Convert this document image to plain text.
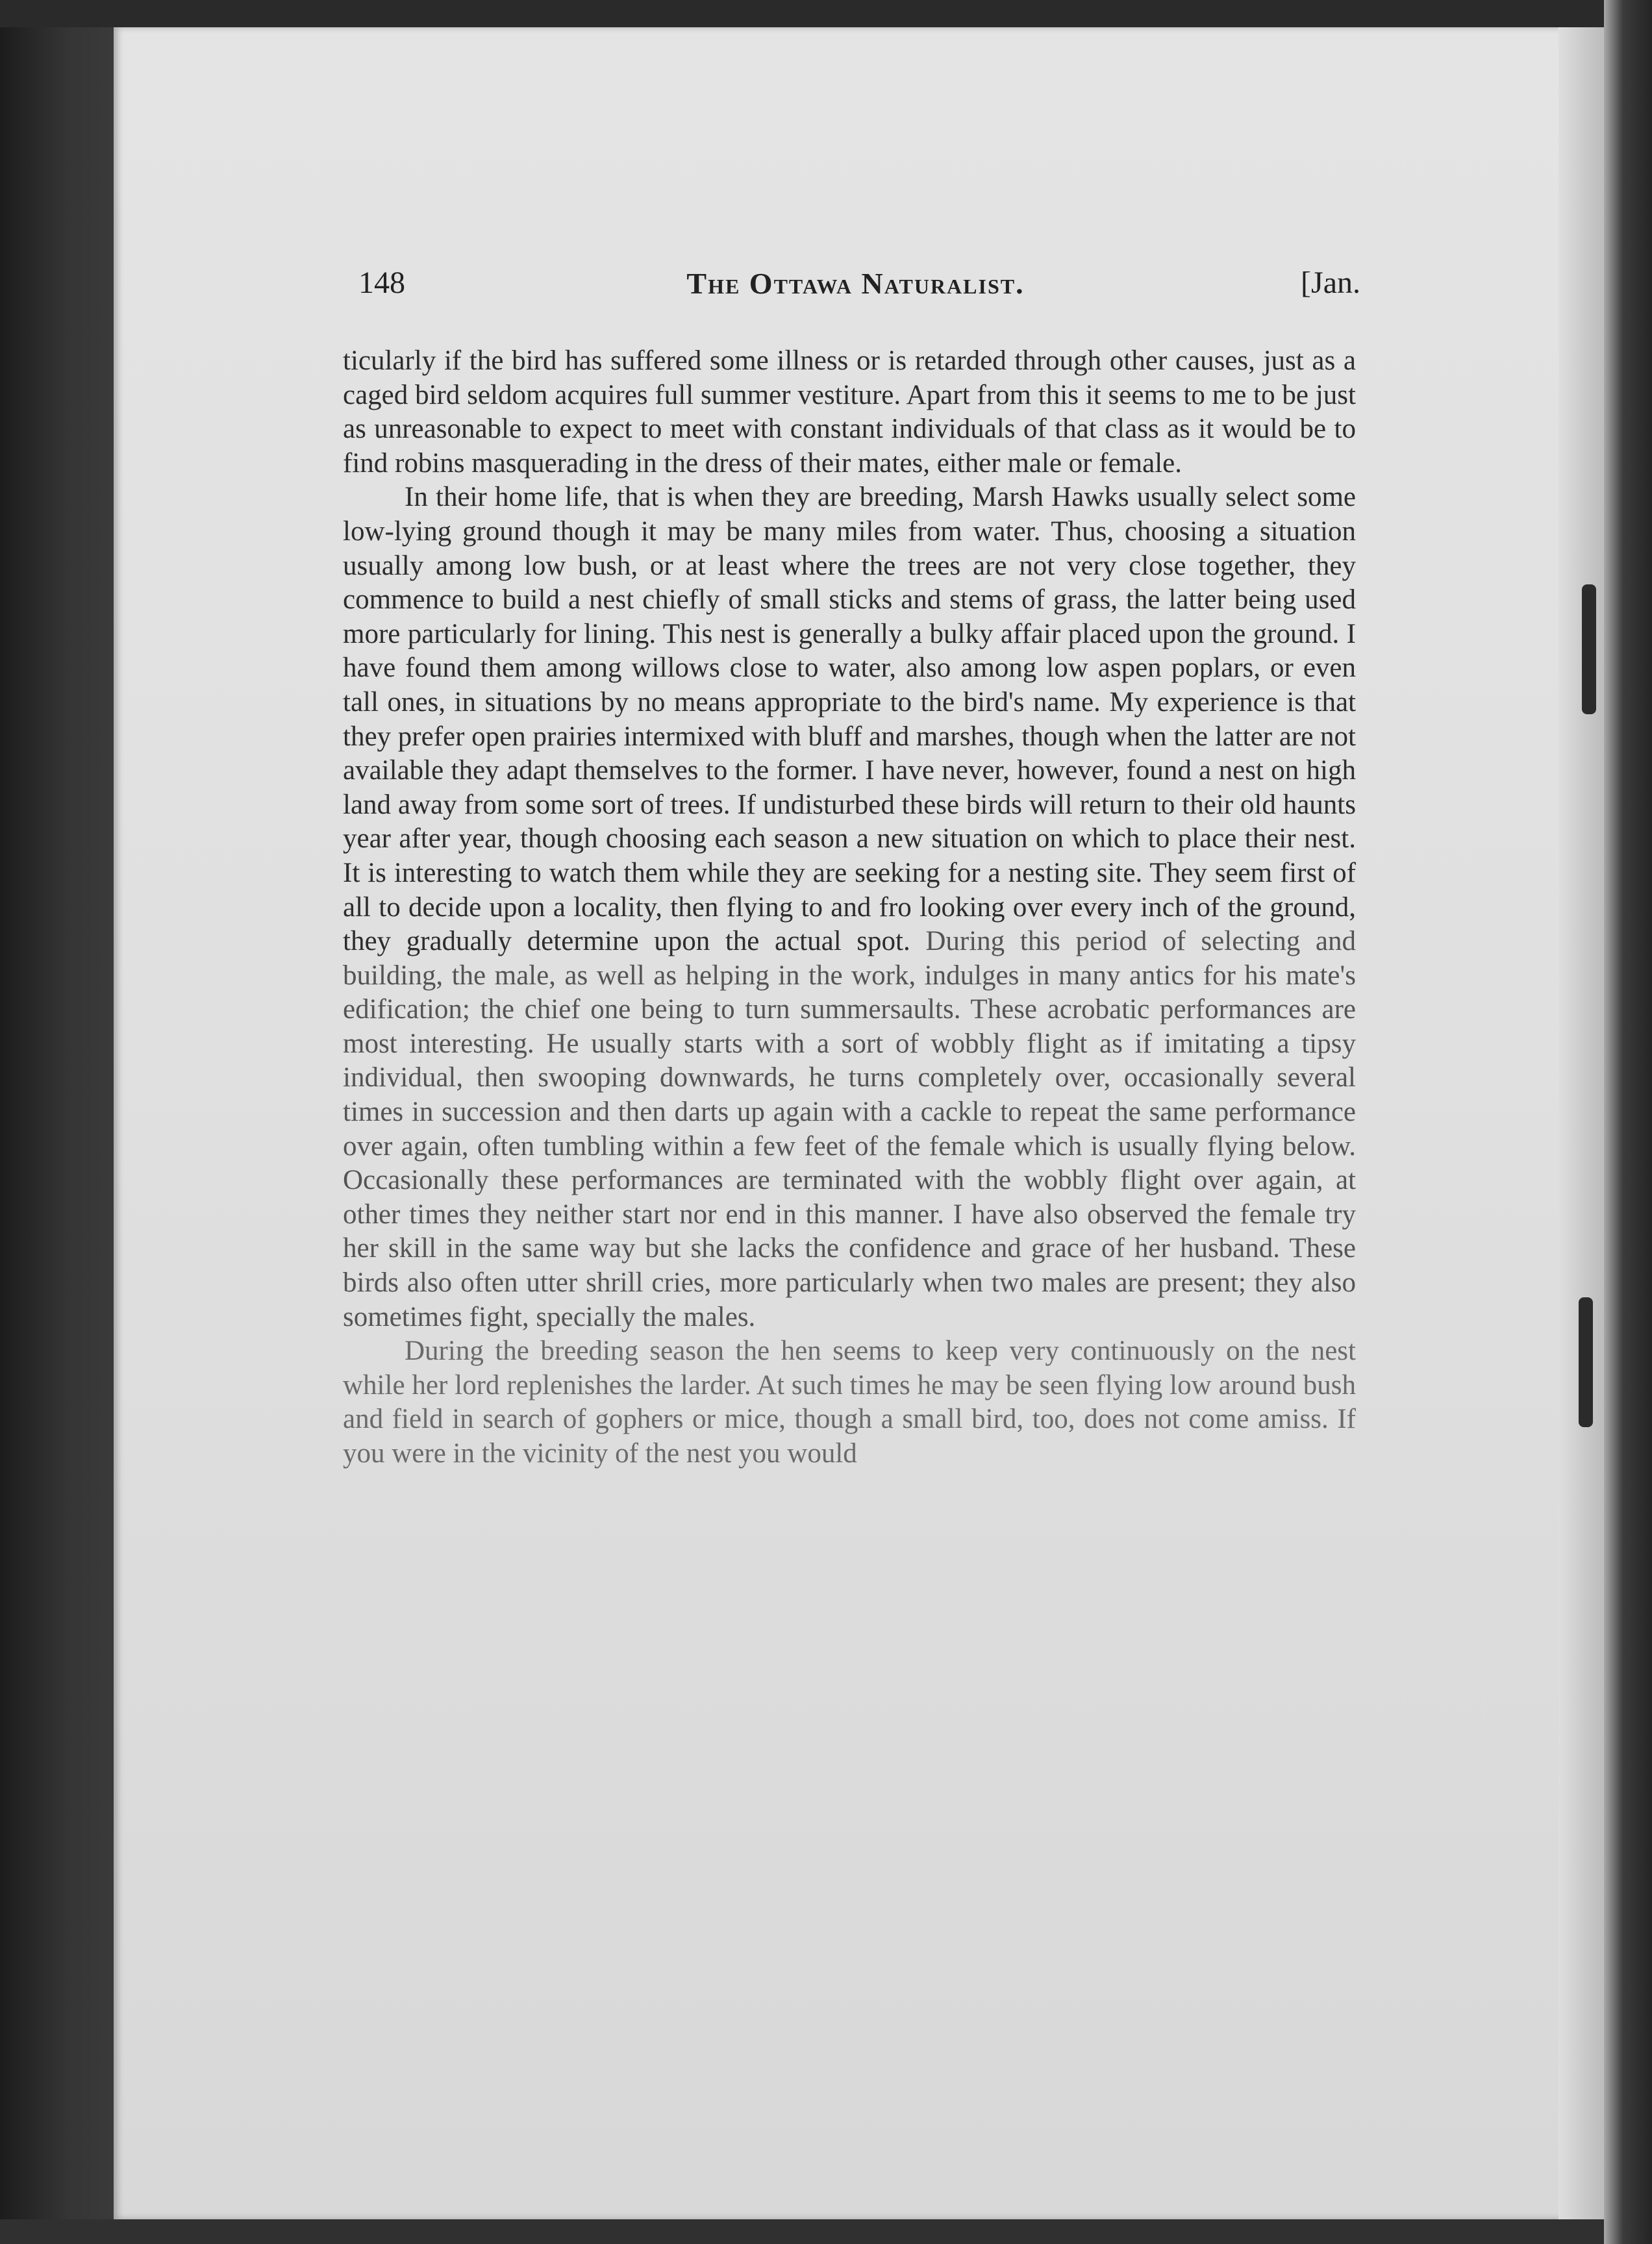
148	The Ottawa Naturalist.	[Jan.

ticularly if the bird has suffered some illness or is retarded through other causes, just as a caged bird seldom acquires full summer vestiture. Apart from this it seems to me to be just as unreasonable to expect to meet with constant individuals of that class as it would be to find robins masquerading in the dress of their mates, either male or female.

In their home life, that is when they are breeding, Marsh Hawks usually select some low-lying ground though it may be many miles from water. Thus, choosing a situation usually among low bush, or at least where the trees are not very close together, they commence to build a nest chiefly of small sticks and stems of grass, the latter being used more particularly for lining. This nest is generally a bulky affair placed upon the ground. I have found them among willows close to water, also among low aspen poplars, or even tall ones, in situations by no means appropriate to the bird's name. My experience is that they prefer open prairies intermixed with bluff and marshes, though when the latter are not available they adapt themselves to the former. I have never, however, found a nest on high land away from some sort of trees. If undisturbed these birds will return to their old haunts year after year, though choosing each season a new situation on which to place their nest. It is interesting to watch them while they are seeking for a nesting site. They seem first of all to decide upon a locality, then flying to and fro looking over every inch of the ground, they gradually determine upon the actual spot. During this period of selecting and building, the male, as well as helping in the work, indulges in many antics for his mate's edification; the chief one being to turn summersaults. These acrobatic performances are most interesting. He usually starts with a sort of wobbly flight as if imitating a tipsy individual, then swooping downwards, he turns completely over, occasionally several times in succession and then darts up again with a cackle to repeat the same performance over again, often tumbling within a few feet of the female which is usually flying below. Occasionally these performances are terminated with the wobbly flight over again, at other times they neither start nor end in this manner. I have also observed the female try her skill in the same way but she lacks the confidence and grace of her husband. These birds also often utter shrill cries, more particularly when two males are present; they also sometimes fight, specially the males.

During the breeding season the hen seems to keep very continuously on the nest while her lord replenishes the larder. At such times he may be seen flying low around bush and field in search of gophers or mice, though a small bird, too, does not come amiss. If you were in the vicinity of the nest you would
